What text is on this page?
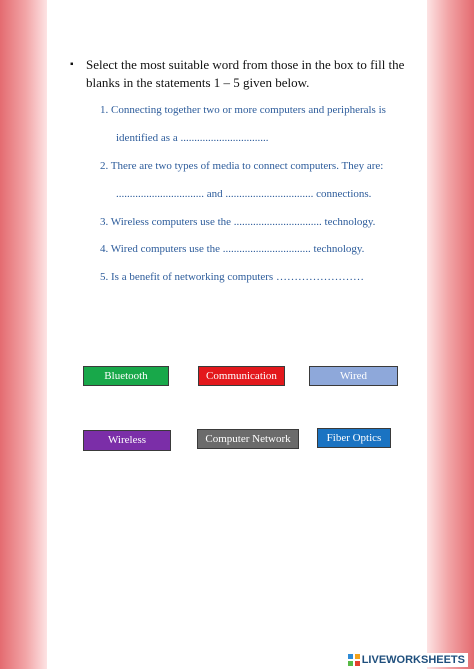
▪ Select the most suitable word from those in the box to fill the blanks in the statements 1 – 5 given below.
1. Connecting together two or more computers and peripherals is
identified as a ................................
2. There are two types of media to connect computers. They are:
................................ and ................................ connections.
3. Wireless computers use the ................................ technology.
4. Wired computers use the ................................ technology.
5. Is a benefit of networking computers ……………………
Bluetooth	Communication	Wired
Wireless	Computer Network	Fiber Optics
LIVEWORKSHEETS
